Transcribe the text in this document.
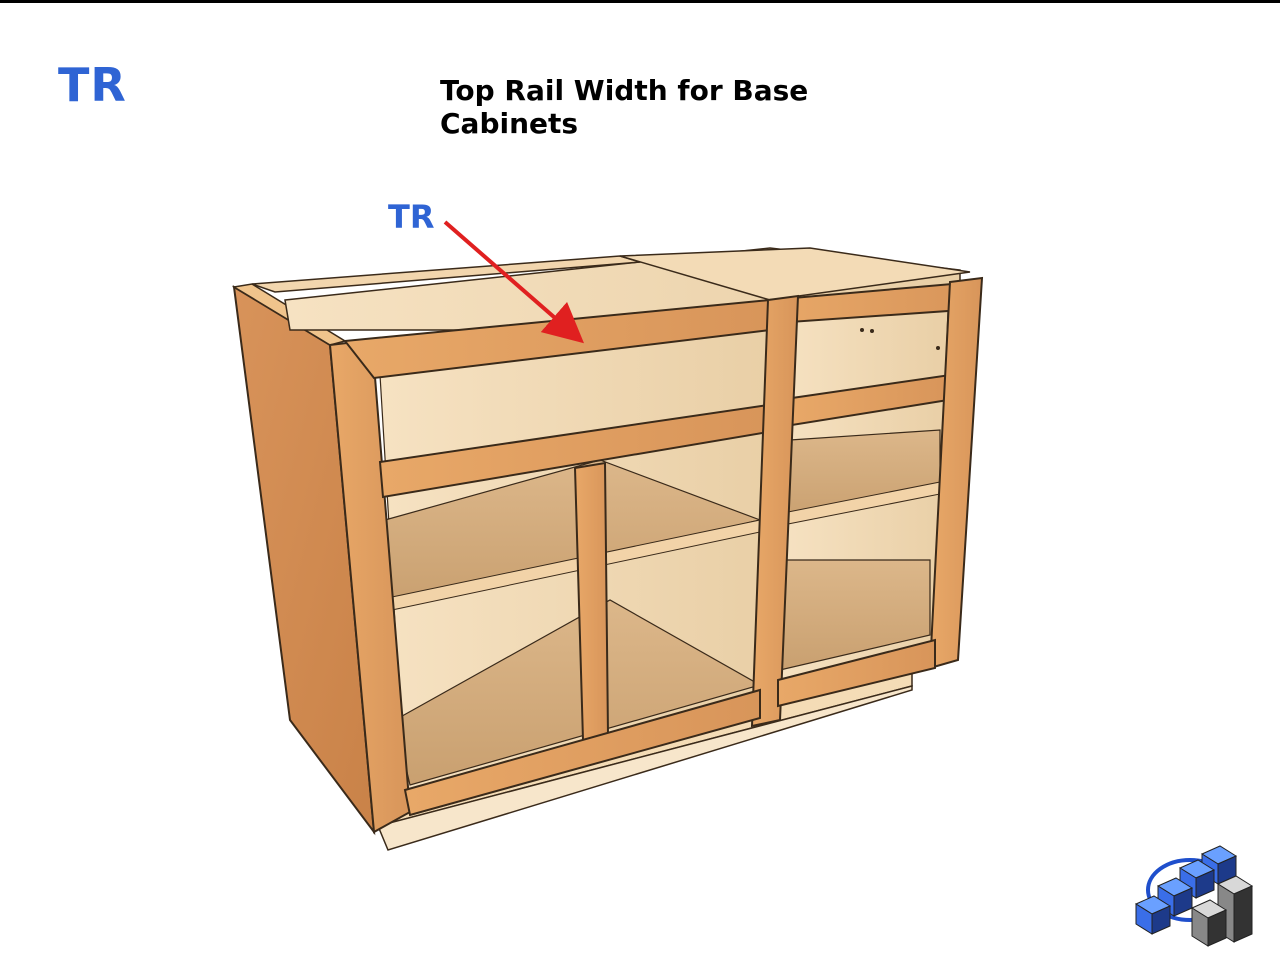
TR	Top Rail Width for Base Cabinets
TR
